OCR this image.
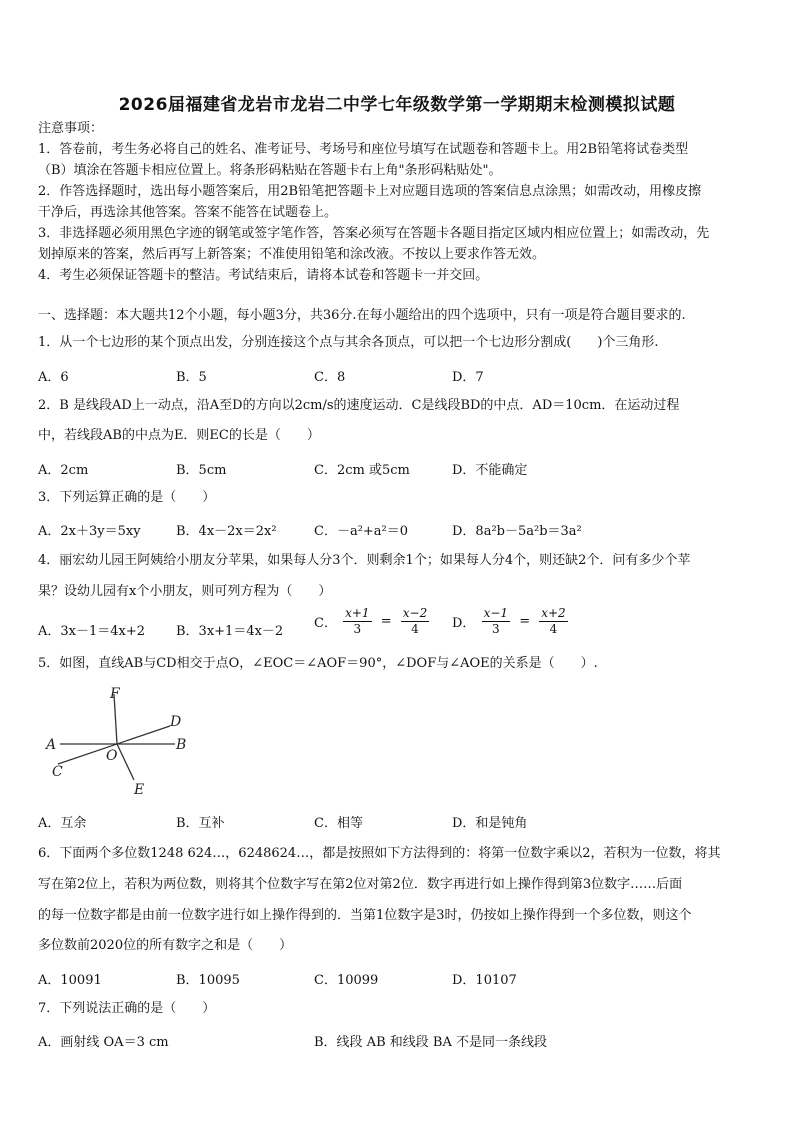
2026届福建省龙岩市龙岩二中学七年级数学第一学期期末检测模拟试题
注意事项：
1．答卷前，考生务必将自己的姓名、准考证号、考场号和座位号填写在试题卷和答题卡上。用2B铅笔将试卷类型
（B）填涂在答题卡相应位置上。将条形码粘贴在答题卡右上角"条形码粘贴处"。
2．作答选择题时，选出每小题答案后，用2B铅笔把答题卡上对应题目选项的答案信息点涂黑；如需改动，用橡皮擦
干净后，再选涂其他答案。答案不能答在试题卷上。
3．非选择题必须用黑色字迹的钢笔或签字笔作答，答案必须写在答题卡各题目指定区域内相应位置上；如需改动，先
划掉原来的答案，然后再写上新答案；不准使用铅笔和涂改液。不按以上要求作答无效。
4．考生必须保证答题卡的整洁。考试结束后，请将本试卷和答题卡一并交回。
一、选择题：本大题共12个小题，每小题3分，共36分.在每小题给出的四个选项中，只有一项是符合题目要求的.
1．从一个七边形的某个顶点出发，分别连接这个点与其余各顶点，可以把一个七边形分割成(　　)个三角形.
A．6	B．5	C．8	D．7
2．B 是线段AD上一动点，沿A至D的方向以2cm/s的速度运动．C是线段BD的中点．AD＝10cm．在运动过程
中，若线段AB的中点为E．则EC的长是（　　）
A．2cm	B．5cm	C．2cm 或5cm	D．不能确定
3．下列运算正确的是（　　）
A．2x＋3y＝5xy	B．4x－2x＝2x²	C．－a²+a²＝0	D．8a²b－5a²b＝3a²
4．丽宏幼儿园王阿姨给小朋友分苹果，如果每人分3个．则剩余1个；如果每人分4个，则还缺2个．问有多少个苹
果？设幼儿园有x个小朋友，则可列方程为（　　）
A．3x－1＝4x+2 B．3x+1＝4x－2
C． $\frac{x+1}{3} = \frac{x-2}{4}$ D． $\frac{x-1}{3} = \frac{x+2}{4}$
5．如图，直线AB与CD相交于点O，∠EOC＝∠AOF＝90°，∠DOF与∠AOE的关系是（　　）.
F
D
A
O
B
C
E
A．互余	B．互补	C．相等	D．和是钝角
6．下面两个多位数1248 624…，6248624…，都是按照如下方法得到的：将第一位数字乘以2，若积为一位数，将其
写在第2位上，若积为两位数，则将其个位数字写在第2位对第2位．数字再进行如上操作得到第3位数字……后面
的每一位数字都是由前一位数字进行如上操作得到的．当第1位数字是3时，仍按如上操作得到一个多位数，则这个
多位数前2020位的所有数字之和是（　　）
A．10091	B．10095	C．10099	D．10107
7．下列说法正确的是（　　）
A．画射线 OA＝3 cm	B．线段 AB 和线段 BA 不是同一条线段
